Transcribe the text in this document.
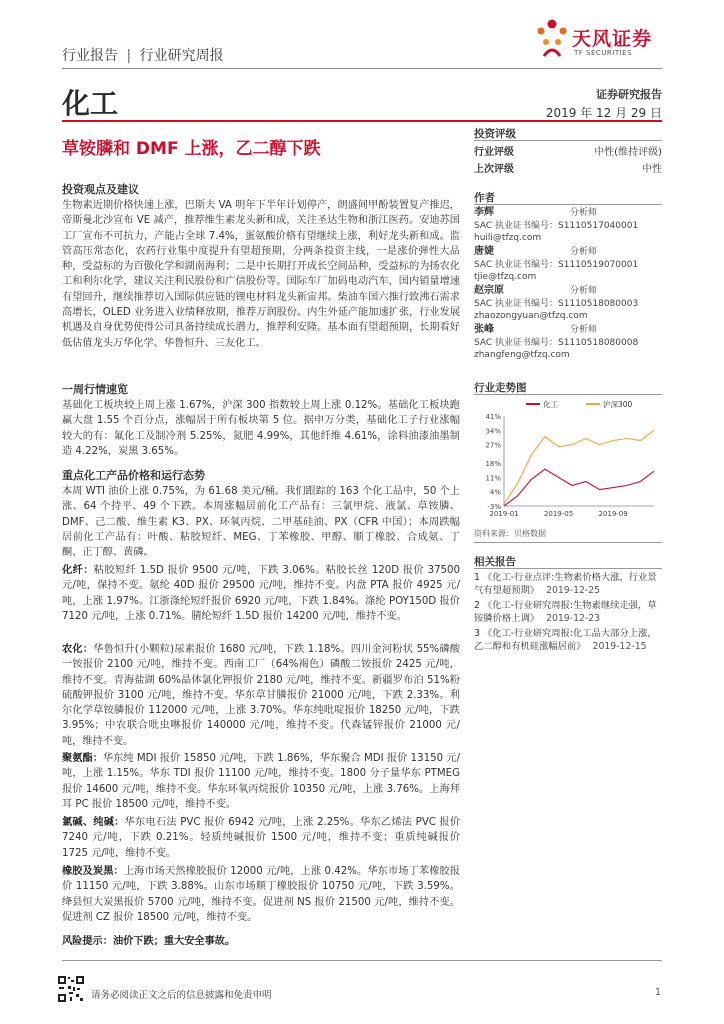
行业报告 | 行业研究周报
天风证券
TF SECURITIES
化工	证券研究报告
2019 年 12 月 29 日
草铵膦和 DMF 上涨，乙二醇下跌
投资观点及建议
生物素近期价格快速上涨，巴斯夫 VA 明年下半年计划停产，朗盛间甲酚装置复产推迟，帝斯曼北沙宣布 VE 减产，推荐维生素龙头新和成，关注圣达生物和浙江医药。安迪苏国工厂宣布不可抗力，产能占全球 7.4%，蛋氨酸价格有望继续上涨，利好龙头新和成。监管高压常态化，农药行业集中度提升有望超预期，分两条投资主线，一是涨价弹性大品种，受益标的为百傲化学和湖南海利；二是中长期打开成长空间品种，受益标的为扬农化工和利尔化学，建议关注利民股份和广信股份等。国际车厂加码电动汽车，国内销量增速有望回升，继续推荐切入国际供应链的锂电材料龙头新宙邦。柴油车国六推行致沸石需求高增长，OLED 业务进入业绩释放期，推荐万润股份。内生外延产能加速扩张，行业发展机遇及自身优势使得公司具备持续成长潜力，推荐利安隆。基本面有望超预期，长期看好低估值龙头万华化学、华鲁恒升、三友化工。
一周行情速览
基础化工板块较上周上涨 1.67%，沪深 300 指数较上周上涨 0.12%。基础化工板块跑赢大盘 1.55 个百分点，涨幅居于所有板块第 5 位。据申万分类，基础化工子行业涨幅较大的有：氟化工及制冷剂 5.25%，氮肥 4.99%，其他纤维 4.61%，涂料油漆油墨制造 4.22%，炭黑 3.65%。
重点化工产品价格和运行态势
本周 WTI 油价上涨 0.75%，为 61.68 美元/桶。我们跟踪的 163 个化工品中，50 个上涨、64 个持平、49 个下跌。本周涨幅居前化工产品有：三氯甲烷、液氯、草铵膦、DMF、己二酸、维生素 K3、PX、环氧丙烷、二甲基硅油、PX（CFR 中国）；本周跌幅居前化工产品有：叶酸、粘胶短纤、MEG、丁苯橡胶、甲醇、顺丁橡胶、合成氨、丁酮、正丁醇、黄磷。
化纤：粘胶短纤 1.5D 报价 9500 元/吨，下跌 3.06%。粘胶长丝 120D 报价 37500 元/吨，保持不变。氨纶 40D 报价 29500 元/吨，维持不变。内盘 PTA 报价 4925 元/吨，上涨 1.97%。江浙涤纶短纤报价 6920 元/吨，下跌 1.84%。涤纶 POY150D 报价 7120 元/吨，上涨 0.71%。腈纶短纤 1.5D 报价 14200 元/吨，维持不变。
农化：华鲁恒升(小颗粒)尿素报价 1680 元/吨，下跌 1.18%。四川金河粉状 55%磷酸一铵报价 2100 元/吨，维持不变。西南工厂（64%褐色）磷酸二铵报价 2425 元/吨，维持不变。青海盐湖 60%晶体氯化钾报价 2180 元/吨，维持不变。新疆罗布泊 51%粉硫酸钾报价 3100 元/吨，维持不变。华东草甘膦报价 21000 元/吨，下跌 2.33%。利尔化学草铵膦报价 112000 元/吨，上涨 3.70%。华东纯吡啶报价 18250 元/吨，下跌 3.95%；中农联合吡虫啉报价 140000 元/吨，维持不变。代森锰锌报价 21000 元/吨，维持不变。
聚氨酯：华东纯 MDI 报价 15850 元/吨，下跌 1.86%，华东聚合 MDI 报价 13150 元/吨，上涨 1.15%。华东 TDI 报价 11100 元/吨，维持不变。1800 分子量华东 PTMEG 报价 14600 元/吨，维持不变。华东环氧丙烷报价 10350 元/吨，上涨 3.76%。上海拜耳 PC 报价 18500 元/吨，维持不变。
氯碱、纯碱：华东电石法 PVC 报价 6942 元/吨，上涨 2.25%。华东乙烯法 PVC 报价 7240 元/吨，下跌 0.21%。轻质纯碱报价 1500 元/吨，维持不变；重质纯碱报价 1725 元/吨，维持不变。
橡胶及炭黑：上海市场天然橡胶报价 12000 元/吨，上涨 0.42%。华东市场丁苯橡胶报价 11150 元/吨，下跌 3.88%。山东市场顺丁橡胶报价 10750 元/吨，下跌 3.59%。绛县恒大炭黑报价 5700 元/吨，维持不变。促进剂 NS 报价 21500 元/吨，维持不变。促进剂 CZ 报价 18500 元/吨，维持不变。
风险提示：油价下跌；重大安全事故。
投资评级
行业评级	中性(维持评级)
上次评级	中性
作者
李辉	分析师
SAC 执业证书编号：S1110517040001
huili@tfzq.com
唐婕	分析师
SAC 执业证书编号：S1110519070001
tjie@tfzq.com
赵宗原	分析师
SAC 执业证书编号：S1110518080003
zhaozongyuan@tfzq.com
张峰	分析师
SAC 执业证书编号：S1110518080008
zhangfeng@tfzq.com
行业走势图
-3%
4%
11%
18%
27%
34%
41%
2019-01	2019-05	2019-09
化工	沪深300
资料来源：贝格数据
相关报告
1 《化工-行业点评:生物素价格大涨，行业景气有望超预期》 2019-12-25
2 《化工-行业研究周报:生物素继续走强，草铵膦价格上调》 2019-12-23
3 《化工-行业研究周报:化工品大部分上涨，乙二醇和有机硅涨幅居前》 2019-12-15
请务必阅读正文之后的信息披露和免责申明	1
